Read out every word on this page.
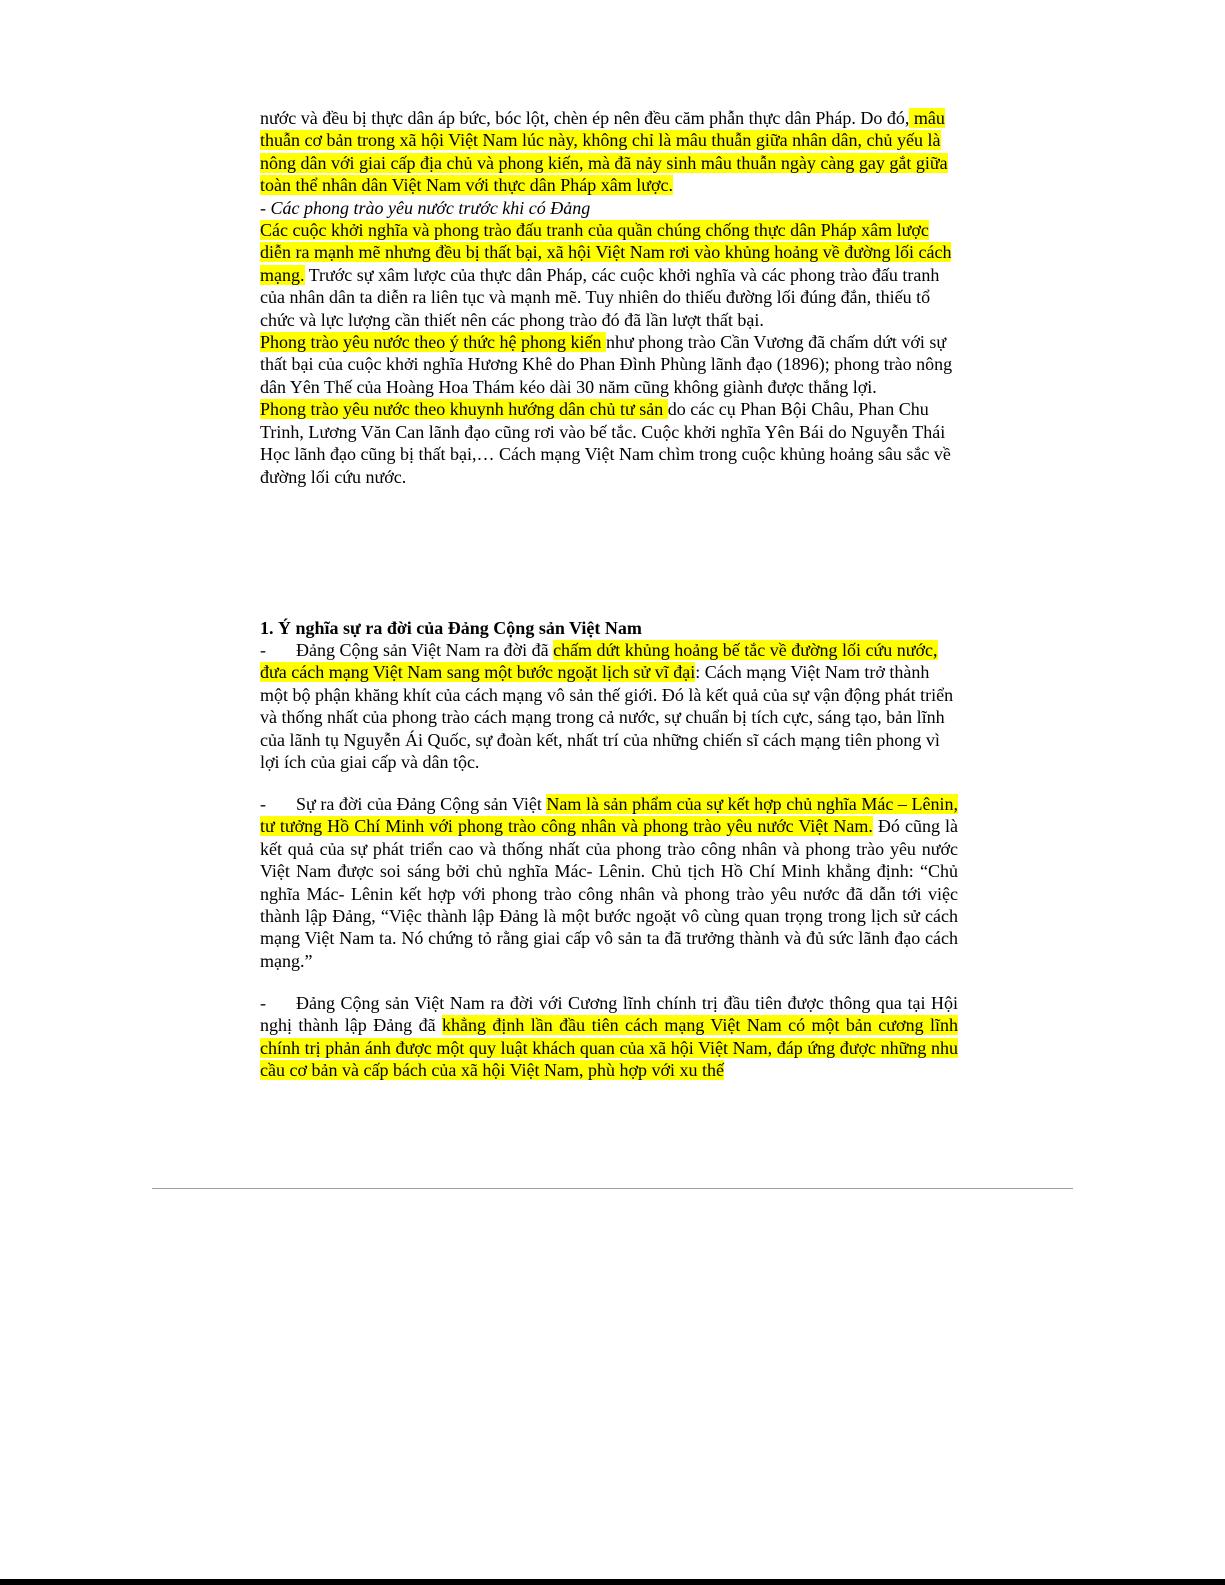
nước và đều bị thực dân áp bức, bóc lột, chèn ép nên đều căm phẫn thực dân Pháp. Do đó, mâu thuẫn cơ bản trong xã hội Việt Nam lúc này, không chỉ là mâu thuẫn giữa nhân dân, chủ yếu là nông dân với giai cấp địa chủ và phong kiến, mà đã nảy sinh mâu thuẫn ngày càng gay gắt giữa toàn thể nhân dân Việt Nam với thực dân Pháp xâm lược.
- Các phong trào yêu nước trước khi có Đảng
Các cuộc khởi nghĩa và phong trào đấu tranh của quần chúng chống thực dân Pháp xâm lược diễn ra mạnh mẽ nhưng đều bị thất bại, xã hội Việt Nam rơi vào khủng hoảng về đường lối cách mạng. Trước sự xâm lược của thực dân Pháp, các cuộc khởi nghĩa và các phong trào đấu tranh của nhân dân ta diễn ra liên tục và mạnh mẽ. Tuy nhiên do thiếu đường lối đúng đắn, thiếu tổ chức và lực lượng cần thiết nên các phong trào đó đã lần lượt thất bại.
Phong trào yêu nước theo ý thức hệ phong kiến như phong trào Cần Vương đã chấm dứt với sự thất bại của cuộc khởi nghĩa Hương Khê do Phan Đình Phùng lãnh đạo (1896); phong trào nông dân Yên Thế của Hoàng Hoa Thám kéo dài 30 năm cũng không giành được thắng lợi.
Phong trào yêu nước theo khuynh hướng dân chủ tư sản do các cụ Phan Bội Châu, Phan Chu Trinh, Lương Văn Can lãnh đạo cũng rơi vào bế tắc. Cuộc khởi nghĩa Yên Bái do Nguyễn Thái Học lãnh đạo cũng bị thất bại,… Cách mạng Việt Nam chìm trong cuộc khủng hoảng sâu sắc về đường lối cứu nước.
1. Ý nghĩa sự ra đời của Đảng Cộng sản Việt Nam
- Đảng Cộng sản Việt Nam ra đời đã chấm dứt khủng hoảng bế tắc về đường lối cứu nước, đưa cách mạng Việt Nam sang một bước ngoặt lịch sử vĩ đại: Cách mạng Việt Nam trở thành một bộ phận khăng khít của cách mạng vô sản thế giới. Đó là kết quả của sự vận động phát triển và thống nhất của phong trào cách mạng trong cả nước, sự chuẩn bị tích cực, sáng tạo, bản lĩnh của lãnh tụ Nguyễn Ái Quốc, sự đoàn kết, nhất trí của những chiến sĩ cách mạng tiên phong vì lợi ích của giai cấp và dân tộc.
- Sự ra đời của Đảng Cộng sản Việt Nam là sản phẩm của sự kết hợp chủ nghĩa Mác – Lênin, tư tưởng Hồ Chí Minh với phong trào công nhân và phong trào yêu nước Việt Nam. Đó cũng là kết quả của sự phát triển cao và thống nhất của phong trào công nhân và phong trào yêu nước Việt Nam được soi sáng bởi chủ nghĩa Mác- Lênin. Chủ tịch Hồ Chí Minh khẳng định: “Chủ nghĩa Mác- Lênin kết hợp với phong trào công nhân và phong trào yêu nước đã dẫn tới việc thành lập Đảng, “Việc thành lập Đảng là một bước ngoặt vô cùng quan trọng trong lịch sử cách mạng Việt Nam ta. Nó chứng tỏ rằng giai cấp vô sản ta đã trưởng thành và đủ sức lãnh đạo cách mạng.”
- Đảng Cộng sản Việt Nam ra đời với Cương lĩnh chính trị đầu tiên được thông qua tại Hội nghị thành lập Đảng đã khẳng định lần đầu tiên cách mạng Việt Nam có một bản cương lĩnh chính trị phản ánh được một quy luật khách quan của xã hội Việt Nam, đáp ứng được những nhu cầu cơ bản và cấp bách của xã hội Việt Nam, phù hợp với xu thế
